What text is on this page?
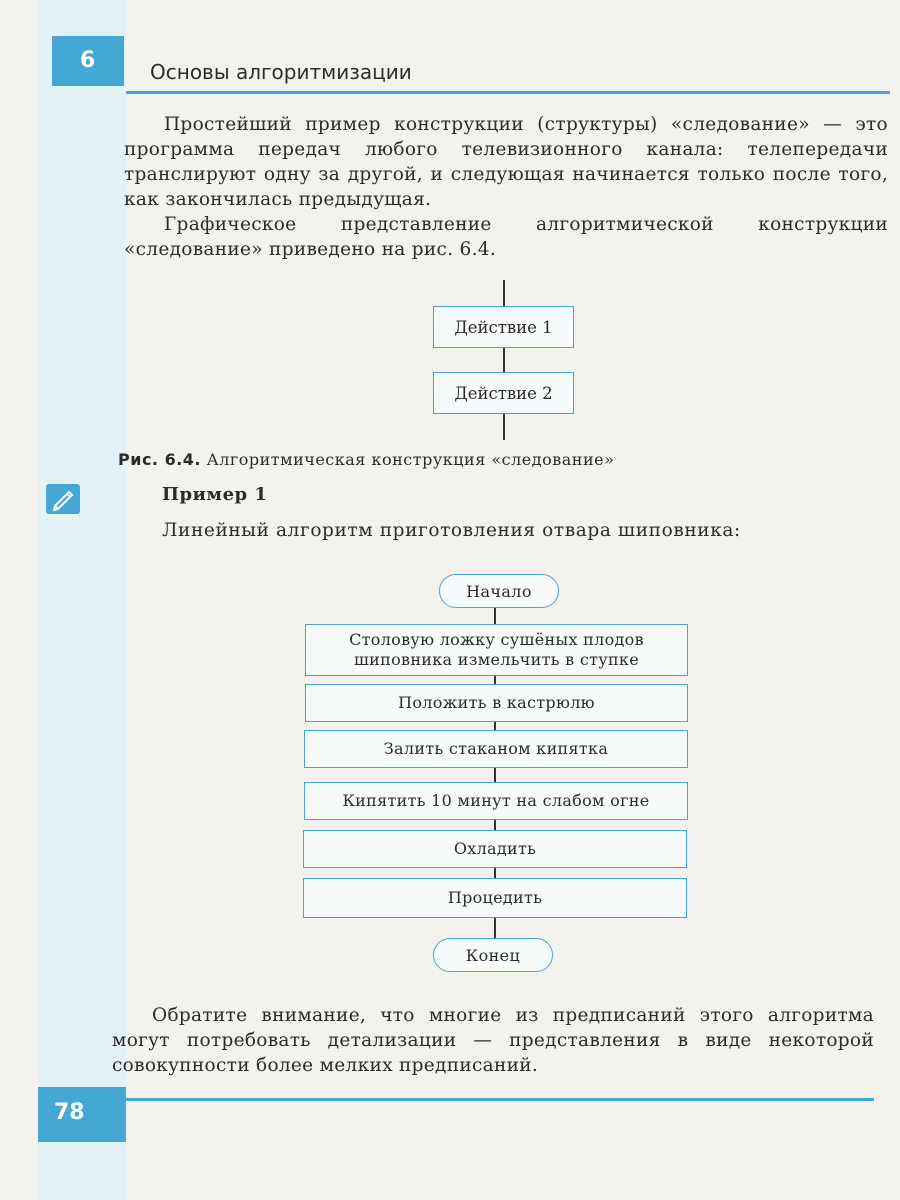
6	Основы алгоритмизации
Простейший пример конструкции (структуры) «следование» — это программа передач любого телевизионного канала: телепередачи транслируют одну за другой, и следующая начинается только после того, как закончилась предыдущая.
Графическое представление алгоритмической конструкции «следование» приведено на рис. 6.4.
Действие 1
Действие 2
Рис. 6.4. Алгоритмическая конструкция «следование»
Пример 1
Линейный алгоритм приготовления отвара шиповника:
Начало
Столовую ложку сушёных плодов шиповника измельчить в ступке
Положить в кастрюлю
Залить стаканом кипятка
Кипятить 10 минут на слабом огне
Охладить
Процедить
Конец
Обратите внимание, что многие из предписаний этого алгоритма могут потребовать детализации — представления в виде некоторой совокупности более мелких предписаний.
78
